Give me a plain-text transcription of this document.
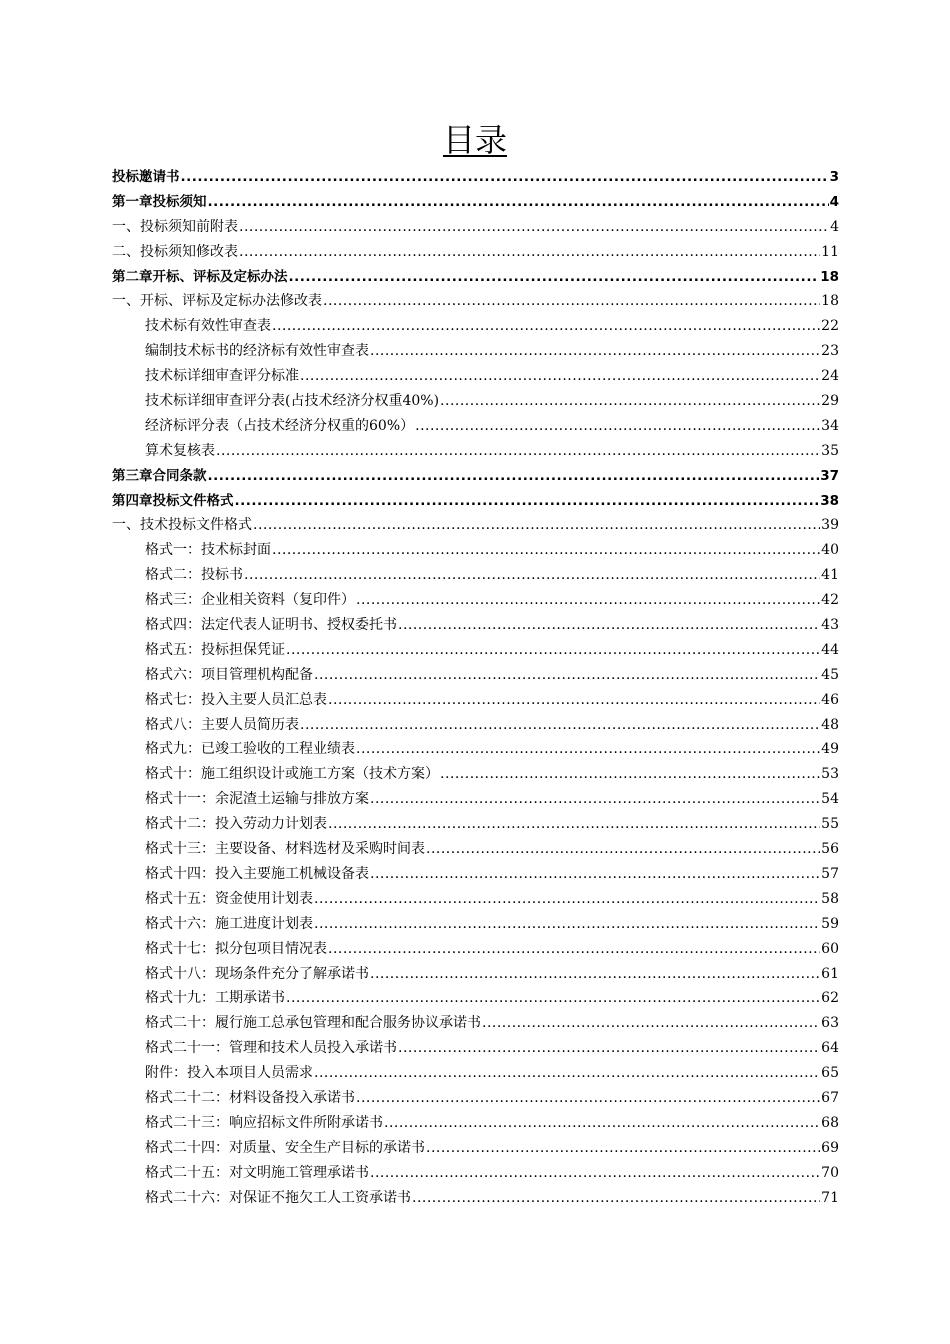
目录
投标邀请书 .....	3
第一章投标须知 .....	4
一、投标须知前附表 .....	4
二、投标须知修改表 .....	11
第二章开标、评标及定标办法 .....	18
一、开标、评标及定标办法修改表 .....	18
技术标有效性审查表 .....	22
编制技术标书的经济标有效性审查表 .....	23
技术标详细审查评分标准 .....	24
技术标详细审查评分表(占技术经济分权重40%) .....	29
经济标评分表（占技术经济分权重的60%） .....	34
算术复核表 .....	35
第三章合同条款 .....	37
第四章投标文件格式 .....	38
一、技术投标文件格式 .....	39
格式一：技术标封面 .....	40
格式二：投标书 .....	41
格式三：企业相关资料（复印件） .....	42
格式四：法定代表人证明书、授权委托书 .....	43
格式五：投标担保凭证 .....	44
格式六：项目管理机构配备 .....	45
格式七：投入主要人员汇总表 .....	46
格式八：主要人员简历表 .....	48
格式九：已竣工验收的工程业绩表 .....	49
格式十：施工组织设计或施工方案（技术方案） .....	53
格式十一：余泥渣土运输与排放方案 .....	54
格式十二：投入劳动力计划表 .....	55
格式十三：主要设备、材料选材及采购时间表 .....	56
格式十四：投入主要施工机械设备表 .....	57
格式十五：资金使用计划表 .....	58
格式十六：施工进度计划表 .....	59
格式十七：拟分包项目情况表 .....	60
格式十八：现场条件充分了解承诺书 .....	61
格式十九：工期承诺书 .....	62
格式二十：履行施工总承包管理和配合服务协议承诺书 .....	63
格式二十一：管理和技术人员投入承诺书 .....	64
附件：投入本项目人员需求 .....	65
格式二十二：材料设备投入承诺书 .....	67
格式二十三：响应招标文件所附承诺书 .....	68
格式二十四：对质量、安全生产目标的承诺书 .....	69
格式二十五：对文明施工管理承诺书 .....	70
格式二十六：对保证不拖欠工人工资承诺书 .....	71
